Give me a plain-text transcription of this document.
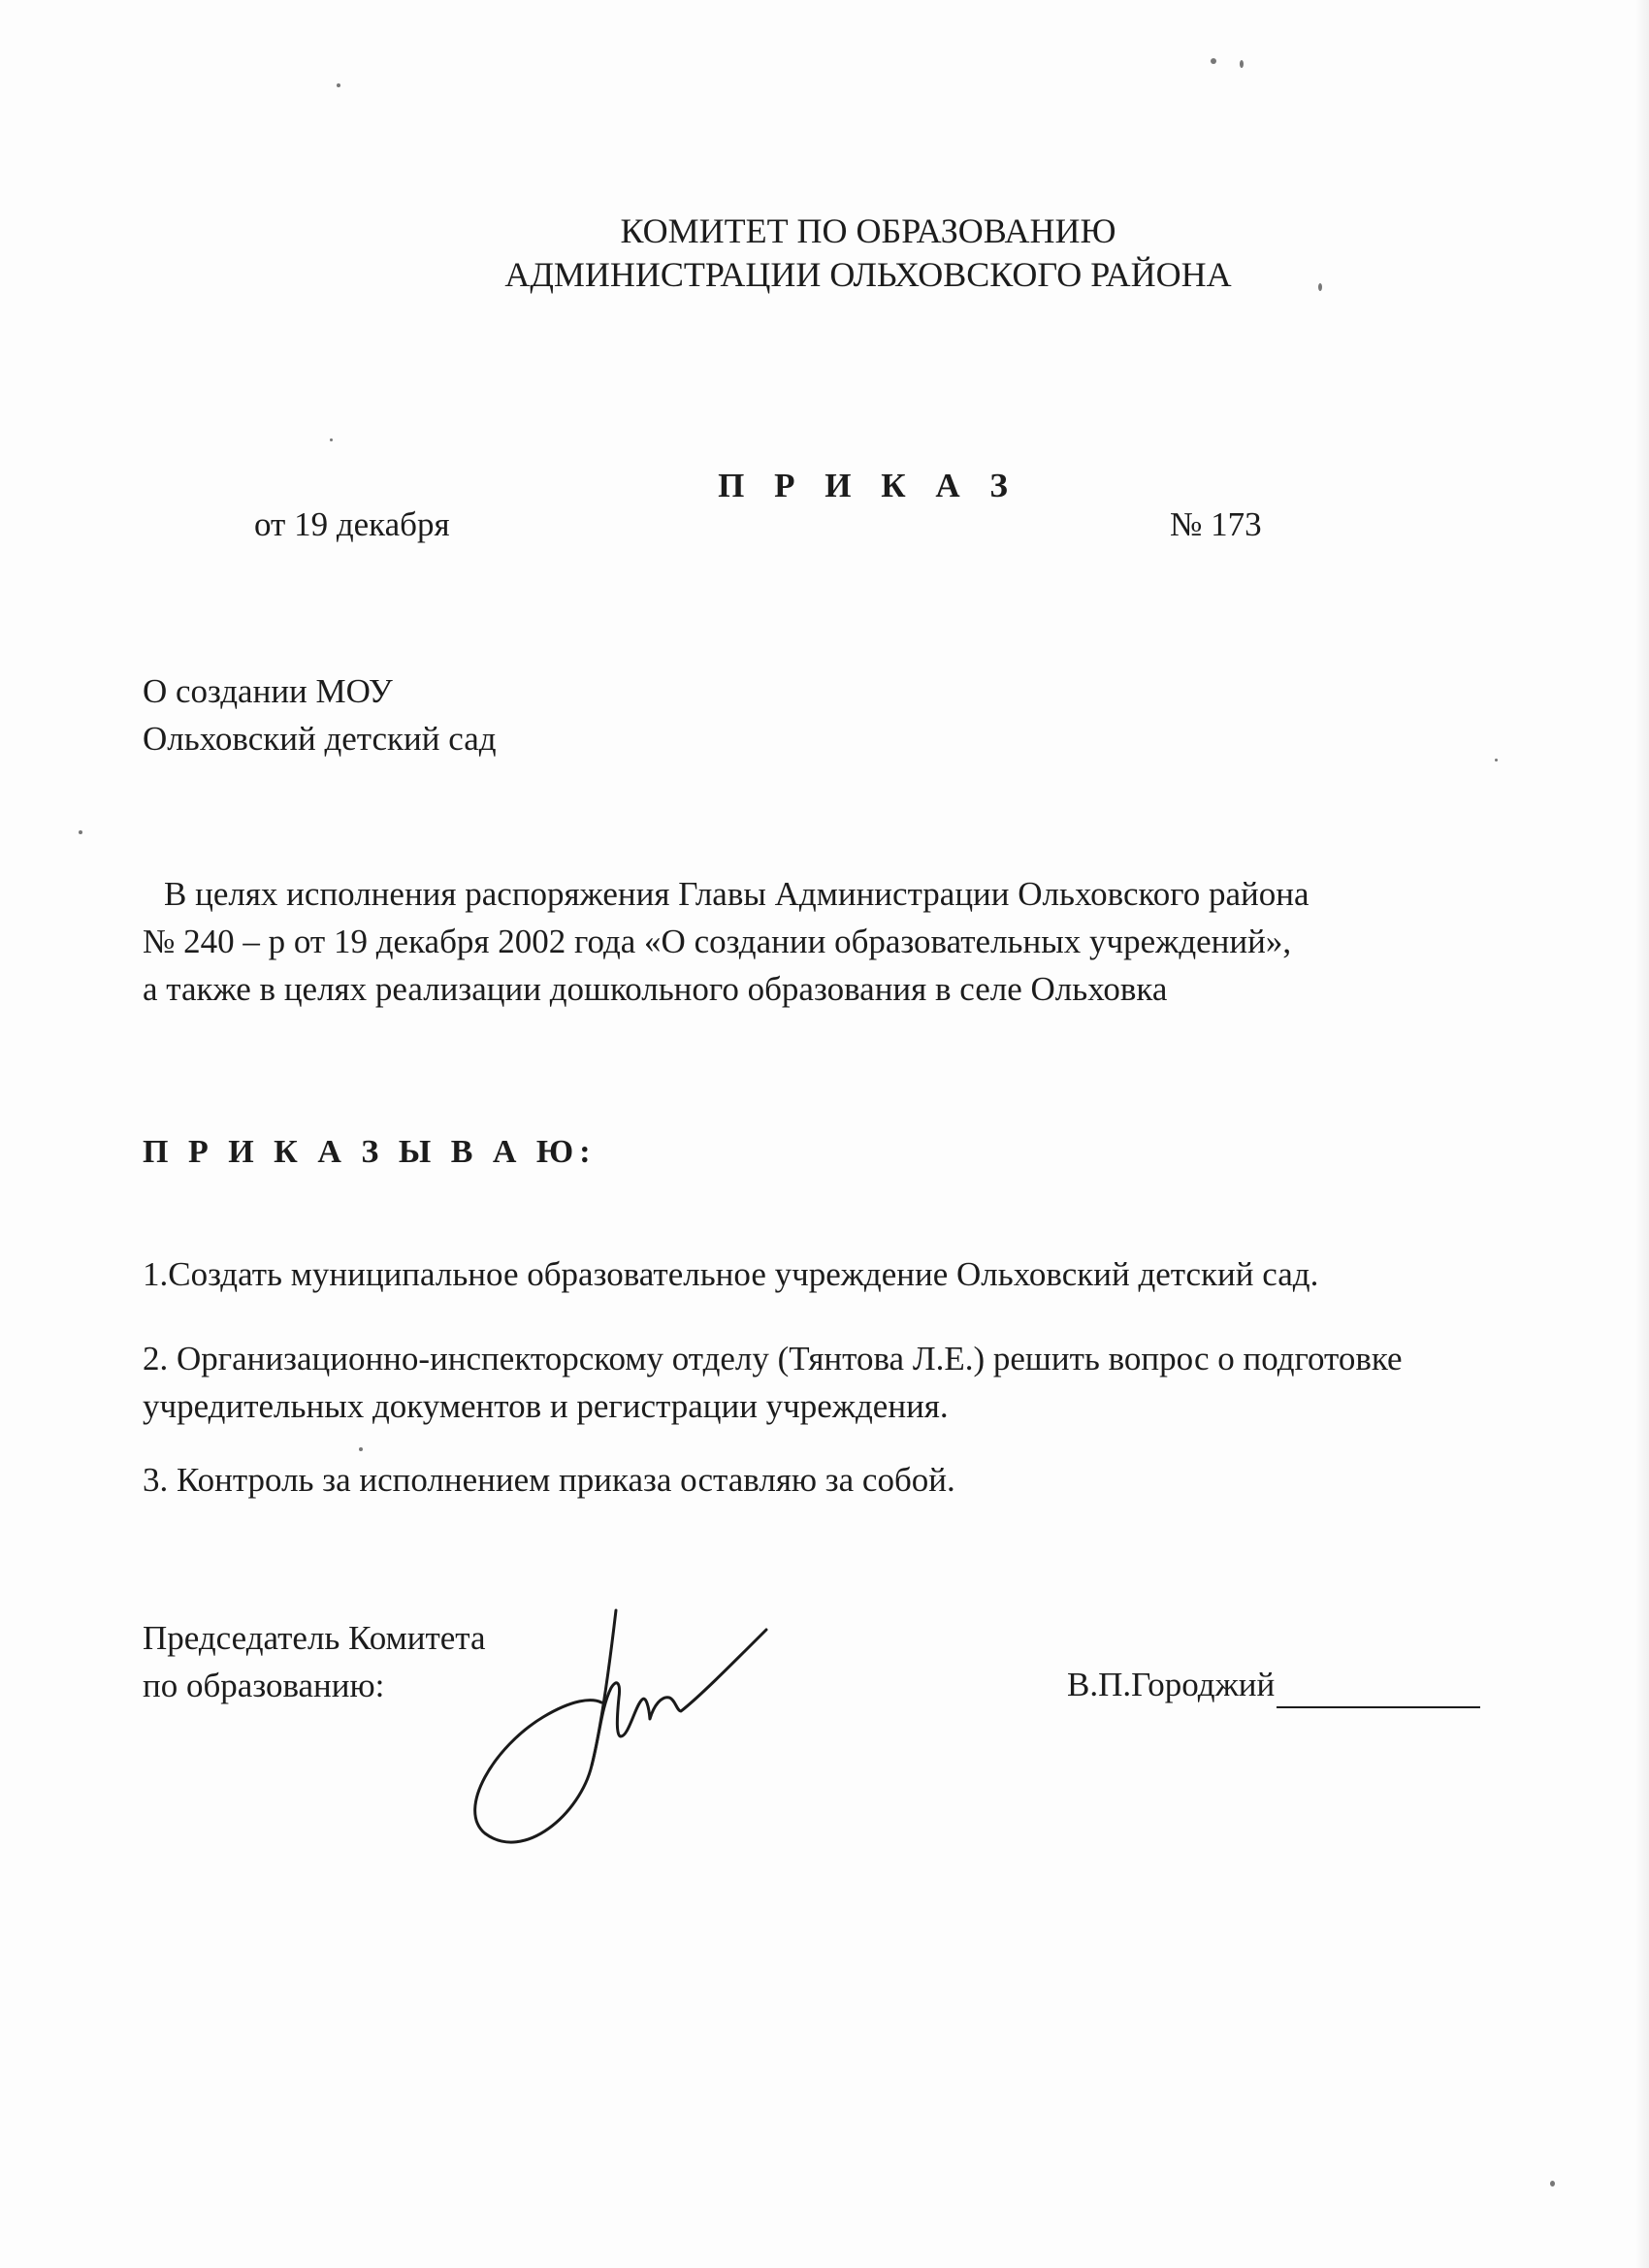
КОМИТЕТ ПО ОБРАЗОВАНИЮ
АДМИНИСТРАЦИИ ОЛЬХОВСКОГО РАЙОНА
П Р И К А З
от 19 декабря	№ 173
О создании МОУ
Ольховский детский сад
В целях исполнения распоряжения Главы Администрации Ольховского района
№ 240 – р от 19 декабря 2002 года «О создании образовательных учреждений»,
а также в целях реализации дошкольного образования в селе Ольховка
П Р И К А З Ы В А Ю:
1.Создать муниципальное образовательное учреждение Ольховский детский сад.
2. Организационно-инспекторскому отделу (Тянтова Л.Е.) решить вопрос о подготовке
учредительных документов и регистрации учреждения.
3. Контроль за исполнением приказа оставляю за собой.
Председатель Комитета
по образованию:	В.П.Городжий
